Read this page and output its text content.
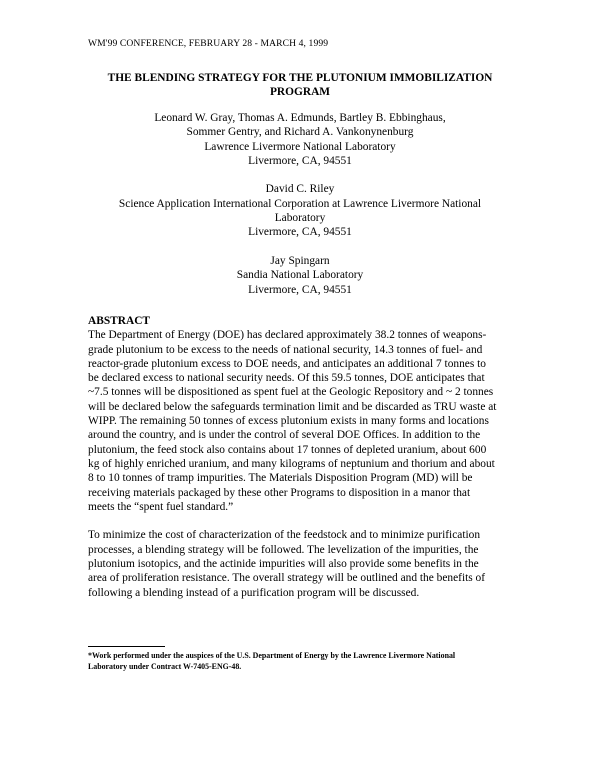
WM'99 CONFERENCE, FEBRUARY 28 - MARCH 4, 1999
THE BLENDING STRATEGY FOR THE PLUTONIUM IMMOBILIZATION
PROGRAM
Leonard W. Gray, Thomas A. Edmunds, Bartley B. Ebbinghaus,
Sommer Gentry, and Richard A. Vankonynenburg
Lawrence Livermore National Laboratory
Livermore, CA, 94551
David C. Riley
Science Application International Corporation at Lawrence Livermore National
Laboratory
Livermore, CA, 94551
Jay Spingarn
Sandia National Laboratory
Livermore, CA, 94551
ABSTRACT
The Department of Energy (DOE) has declared approximately 38.2 tonnes of weapons-
grade plutonium to be excess to the needs of national security, 14.3 tonnes of fuel- and
reactor-grade plutonium excess to DOE needs, and anticipates an additional 7 tonnes to
be declared excess to national security needs. Of this 59.5 tonnes, DOE anticipates that
~7.5 tonnes will be dispositioned as spent fuel at the Geologic Repository and ~ 2 tonnes
will be declared below the safeguards termination limit and be discarded as TRU waste at
WIPP. The remaining 50 tonnes of excess plutonium exists in many forms and locations
around the country, and is under the control of several DOE Offices. In addition to the
plutonium, the feed stock also contains about 17 tonnes of depleted uranium, about 600
kg of highly enriched uranium, and many kilograms of neptunium and thorium and about
8 to 10 tonnes of tramp impurities. The Materials Disposition Program (MD) will be
receiving materials packaged by these other Programs to disposition in a manor that
meets the “spent fuel standard.”
To minimize the cost of characterization of the feedstock and to minimize purification
processes, a blending strategy will be followed. The levelization of the impurities, the
plutonium isotopics, and the actinide impurities will also provide some benefits in the
area of proliferation resistance. The overall strategy will be outlined and the benefits of
following a blending instead of a purification program will be discussed.
*Work performed under the auspices of the U.S. Department of Energy by the Lawrence Livermore National
Laboratory under Contract W-7405-ENG-48.
